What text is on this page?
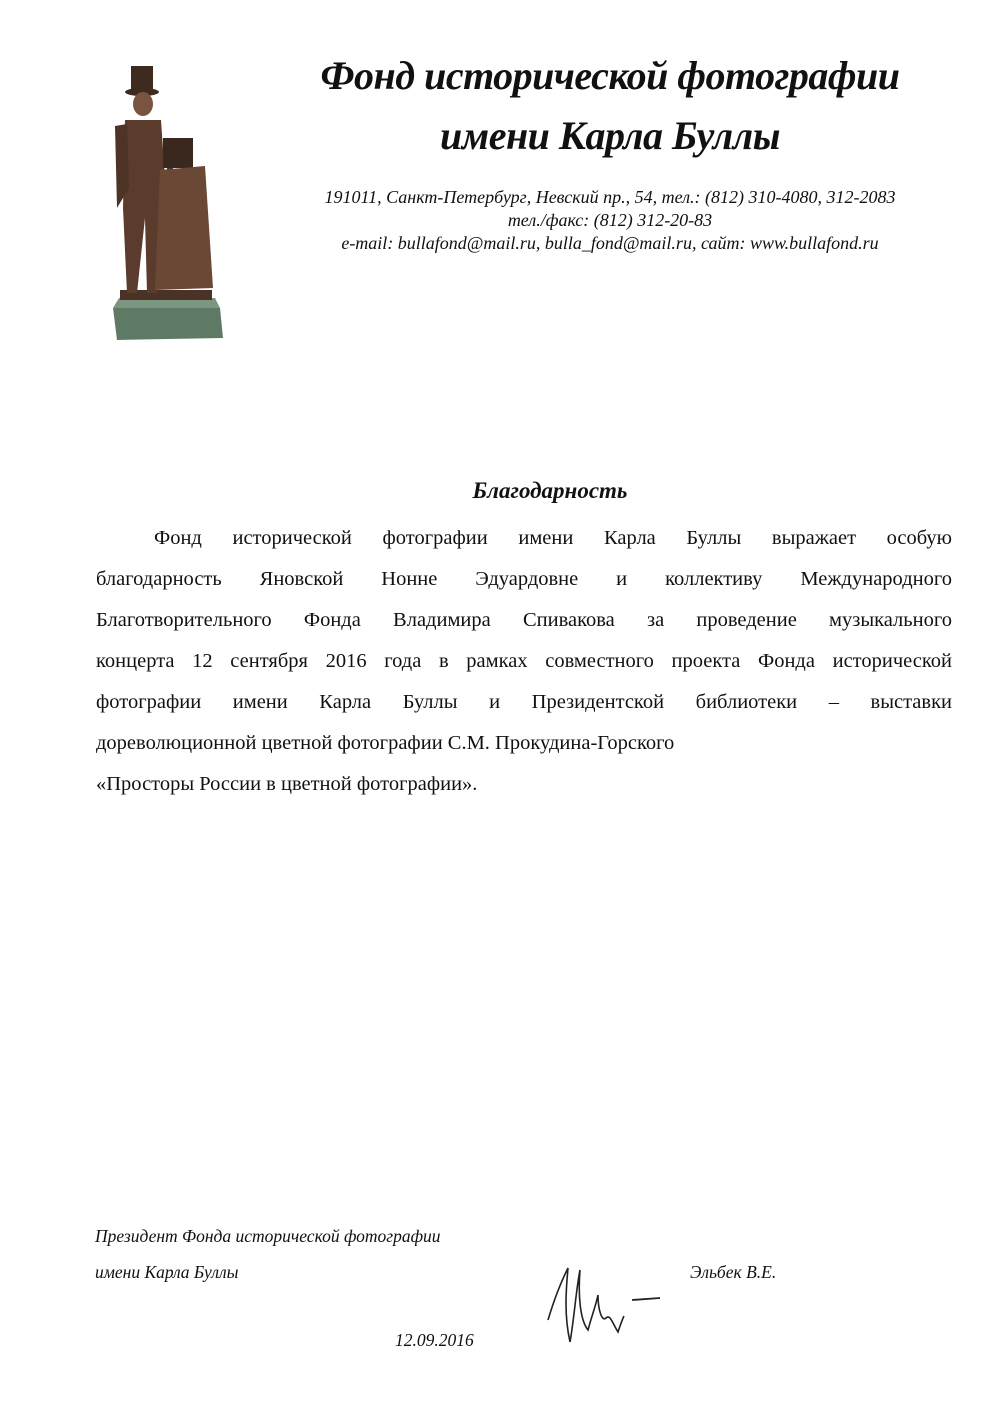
Фонд исторической фотографии
имени Карла Буллы
191011, Санкт-Петербург, Невский пр., 54, тел.: (812) 310-4080, 312-2083
тел./факс: (812) 312-20-83
e-mail: bullafond@mail.ru, bulla_fond@mail.ru, сайт: www.bullafond.ru
Благодарность
Фонд исторической фотографии имени Карла Буллы выражает особую
благодарность Яновской Нонне Эдуардовне и коллективу Международного
Благотворительного Фонда Владимира Спивакова за проведение музыкального
концерта 12 сентября 2016 года в рамках совместного проекта Фонда исторической
фотографии имени Карла Буллы и Президентской библиотеки – выставки
дореволюционной цветной фотографии С.М. Прокудина-Горского
«Просторы России в цветной фотографии».
Президент Фонда исторической фотографии
имени Карла Буллы	Эльбек В.Е.
12.09.2016
